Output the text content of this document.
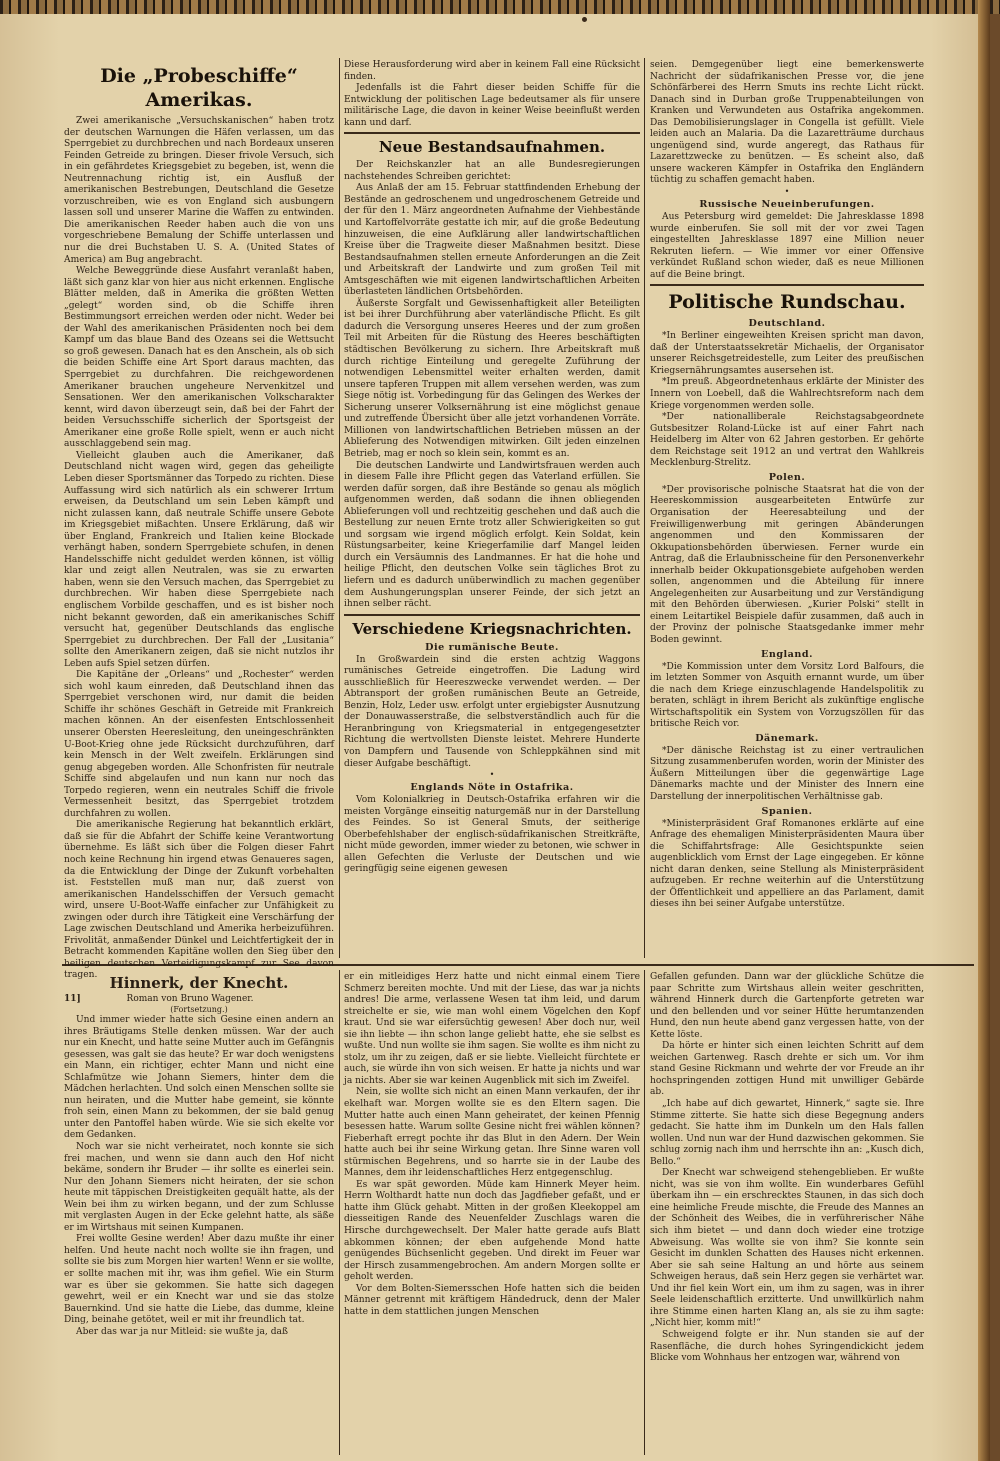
Die „Probeschiffe“ Amerikas.

Zwei amerikanische „Versuchskanischen“ haben trotz der deutschen Warnungen die Häfen verlassen, um das Sperrgebiet zu durchbrechen und nach Bordeaux unseren Feinden Getreide zu bringen. Dieser frivole Versuch, sich in ein gefährdetes Kriegsgebiet zu begeben, ist, wenn die Neutrennachung richtig ist, ein Ausfluß der amerikanischen Bestrebungen, Deutschland die Gesetze vorzuschreiben, wie es von England sich ausbungern lassen soll und unserer Marine die Waffen zu entwinden. Die amerikanischen Reeder haben auch die von uns vorgeschriebene Bemalung der Schiffe unterlassen und nur die drei Buchstaben U. S. A. (United States of America) am Bug angebracht.

Welche Beweggründe diese Ausfahrt veranlaßt haben, läßt sich ganz klar von hier aus nicht erkennen. Englische Blätter melden, daß in Amerika die größten Wetten „gelegt“ worden sind, ob die Schiffe ihren Bestimmungsort erreichen werden oder nicht. Weder bei der Wahl des amerikanischen Präsidenten noch bei dem Kampf um das blaue Band des Ozeans sei die Wettsucht so groß gewesen. Danach hat es den Anschein, als ob sich die beiden Schiffe eine Art Sport daraus machten, das Sperrgebiet zu durchfahren. Die reichgewordenen Amerikaner brauchen ungeheure Nervenkitzel und Sensationen. Wer den amerikanischen Volkscharakter kennt, wird davon überzeugt sein, daß bei der Fahrt der beiden Versuchsschiffe sicherlich der Sportsgeist der Amerikaner eine große Rolle spielt, wenn er auch nicht ausschlaggebend sein mag.

Vielleicht glauben auch die Amerikaner, daß Deutschland nicht wagen wird, gegen das geheiligte Leben dieser Sportsmänner das Torpedo zu richten. Diese Auffassung wird sich natürlich als ein schwerer Irrtum erweisen, da Deutschland um sein Leben kämpft und nicht zulassen kann, daß neutrale Schiffe unsere Gebote im Kriegsgebiet mißachten. Unsere Erklärung, daß wir über England, Frankreich und Italien keine Blockade verhängt haben, sondern Sperrgebiete schufen, in denen Handelsschiffe nicht geduldet werden können, ist völlig klar und zeigt allen Neutralen, was sie zu erwarten haben, wenn sie den Versuch machen, das Sperrgebiet zu durchbrechen. Wir haben diese Sperrgebiete nach englischem Vorbilde geschaffen, und es ist bisher noch nicht bekannt geworden, daß ein amerikanisches Schiff versucht hat, gegenüber Deutschlands das englische Sperrgebiet zu durchbrechen. Der Fall der „Lusitania“ sollte den Amerikanern zeigen, daß sie nicht nutzlos ihr Leben aufs Spiel setzen dürfen.

Die Kapitäne der „Orleans“ und „Rochester“ werden sich wohl kaum einreden, daß Deutschland ihnen das Sperrgebiet verschonen wird, nur damit die beiden Schiffe ihr schönes Geschäft in Getreide mit Frankreich machen können. An der eisenfesten Entschlossenheit unserer Obersten Heeresleitung, den uneingeschränkten U-Boot-Krieg ohne jede Rücksicht durchzuführen, darf kein Mensch in der Welt zweifeln. Erklärungen sind genug abgegeben worden. Alle Schonfristen für neutrale Schiffe sind abgelaufen und nun kann nur noch das Torpedo regieren, wenn ein neutrales Schiff die frivole Vermessenheit besitzt, das Sperrgebiet trotzdem durchfahren zu wollen.

Die amerikanische Regierung hat bekanntlich erklärt, daß sie für die Abfahrt der Schiffe keine Verantwortung übernehme. Es läßt sich über die Folgen dieser Fahrt noch keine Rechnung hin irgend etwas Genaueres sagen, da die Entwicklung der Dinge der Zukunft vorbehalten ist. Feststellen muß man nur, daß zuerst von amerikanischen Handelsschiffen der Versuch gemacht wird, unsere U-Boot-Waffe einfacher zur Unfähigkeit zu zwingen oder durch ihre Tätigkeit eine Verschärfung der Lage zwischen Deutschland und Amerika herbeizuführen. Frivolität, anmaßender Dünkel und Leichtfertigkeit der in Betracht kommenden Kapitäne wollen den Sieg über den heiligen deutschen Verteidigungskampf zur See davon tragen.

Diese Herausforderung wird aber in keinem Fall eine Rücksicht finden.

Jedenfalls ist die Fahrt dieser beiden Schiffe für die Entwicklung der politischen Lage bedeutsamer als für unsere militärische Lage, die davon in keiner Weise beeinflußt werden kann und darf.

Neue Bestandsaufnahmen.

Der Reichskanzler hat an alle Bundesregierungen nachstehendes Schreiben gerichtet:

Aus Anlaß der am 15. Februar stattfindenden Erhebung der Bestände an gedroschenem und ungedroschenem Getreide und der für den 1. März angeordneten Aufnahme der Viehbestände und Kartoffelvorräte gestatte ich mir, auf die große Bedeutung hinzuweisen, die eine Aufklärung aller landwirtschaftlichen Kreise über die Tragweite dieser Maßnahmen besitzt. Diese Bestandsaufnahmen stellen erneute Anforderungen an die Zeit und Arbeitskraft der Landwirte und zum großen Teil mit Amtsgeschäften wie mit eigenen landwirtschaftlichen Arbeiten überlasteten ländlichen Ortsbehörden.

Äußerste Sorgfalt und Gewissenhaftigkeit aller Beteiligten ist bei ihrer Durchführung aber vaterländische Pflicht. Es gilt dadurch die Versorgung unseres Heeres und der zum großen Teil mit Arbeiten für die Rüstung des Heeres beschäftigten städtischen Bevölkerung zu sichern. Ihre Arbeitskraft muß durch richtige Einteilung und geregelte Zuführung der notwendigen Lebensmittel weiter erhalten werden, damit unsere tapferen Truppen mit allem versehen werden, was zum Siege nötig ist. Vorbedingung für das Gelingen des Werkes der Sicherung unserer Volksernährung ist eine möglichst genaue und zutreffende Übersicht über alle jetzt vorhandenen Vorräte. Millionen von landwirtschaftlichen Betrieben müssen an der Ablieferung des Notwendigen mitwirken. Gilt jeden einzelnen Betrieb, mag er noch so klein sein, kommt es an.

Die deutschen Landwirte und Landwirtsfrauen werden auch in diesem Falle ihre Pflicht gegen das Vaterland erfüllen. Sie werden dafür sorgen, daß ihre Bestände so genau als möglich aufgenommen werden, daß sodann die ihnen obliegenden Ablieferungen voll und rechtzeitig geschehen und daß auch die Bestellung zur neuen Ernte trotz aller Schwierigkeiten so gut und sorgsam wie irgend möglich erfolgt. Kein Soldat, kein Rüstungsarbeiter, keine Kriegerfamilie darf Mangel leiden durch ein Versäumnis des Landmannes. Er hat die hohe und heilige Pflicht, den deutschen Volke sein tägliches Brot zu liefern und es dadurch unüberwindlich zu machen gegenüber dem Aushungerungsplan unserer Feinde, der sich jetzt an ihnen selber rächt.

Verschiedene Kriegsnachrichten.
Die rumänische Beute.

In Großwardein sind die ersten achtzig Waggons rumänisches Getreide eingetroffen. Die Ladung wird ausschließlich für Heereszwecke verwendet werden. — Der Abtransport der großen rumänischen Beute an Getreide, Benzin, Holz, Leder usw. erfolgt unter ergiebigster Ausnutzung der Donauwasserstraße, die selbstverständlich auch für die Heranbringung von Kriegsmaterial in entgegengesetzter Richtung die wertvollsten Dienste leistet. Mehrere Hunderte von Dampfern und Tausende von Schleppkähnen sind mit dieser Aufgabe beschäftigt.

•
Englands Nöte in Ostafrika.

Vom Kolonialkrieg in Deutsch-Ostafrika erfahren wir die meisten Vorgänge einseitig naturgemäß nur in der Darstellung des Feindes. So ist General Smuts, der seitherige Oberbefehlshaber der englisch-südafrikanischen Streitkräfte, nicht müde geworden, immer wieder zu betonen, wie schwer in allen Gefechten die Verluste der Deutschen und wie geringfügig seine eigenen gewesen

seien. Demgegenüber liegt eine bemerkenswerte Nachricht der südafrikanischen Presse vor, die jene Schönfärberei des Herrn Smuts ins rechte Licht rückt. Danach sind in Durban große Truppenabteilungen von Kranken und Verwundeten aus Ostafrika angekommen. Das Demobilisierungslager in Congella ist gefüllt. Viele leiden auch an Malaria. Da die Lazaretträume durchaus ungenügend sind, wurde angeregt, das Rathaus für Lazarettzwecke zu benützen. — Es scheint also, daß unsere wackeren Kämpfer in Ostafrika den Engländern tüchtig zu schaffen gemacht haben.

•
Russische Neueinberufungen.

Aus Petersburg wird gemeldet: Die Jahresklasse 1898 wurde einberufen. Sie soll mit der vor zwei Tagen eingestellten Jahresklasse 1897 eine Million neuer Rekruten liefern. — Wie immer vor einer Offensive verkündet Rußland schon wieder, daß es neue Millionen auf die Beine bringt.

Politische Rundschau.
Deutschland.

*In Berliner eingeweihten Kreisen spricht man davon, daß der Unterstaatssekretär Michaelis, der Organisator unserer Reichsgetreidestelle, zum Leiter des preußischen Kriegsernährungsamtes ausersehen ist.

*Im preuß. Abgeordnetenhaus erklärte der Minister des Innern von Loebell, daß die Wahlrechtsreform nach dem Kriege vorgenommen werden solle.

*Der nationalliberale Reichstagsabgeordnete Gutsbesitzer Roland-Lücke ist auf einer Fahrt nach Heidelberg im Alter von 62 Jahren gestorben. Er gehörte dem Reichstage seit 1912 an und vertrat den Wahlkreis Mecklenburg-Strelitz.

Polen.

*Der provisorische polnische Staatsrat hat die von der Heereskommission ausgearbeiteten Entwürfe zur Organisation der Heeresabteilung und der Freiwilligenwerbung mit geringen Abänderungen angenommen und den Kommissaren der Okkupationsbehörden überwiesen. Ferner wurde ein Antrag, daß die Erlaubnisscheine für den Personenverkehr innerhalb beider Okkupationsgebiete aufgehoben werden sollen, angenommen und die Abteilung für innere Angelegenheiten zur Ausarbeitung und zur Verständigung mit den Behörden überwiesen. „Kurier Polski“ stellt in einem Leitartikel Beispiele dafür zusammen, daß auch in der Provinz der polnische Staatsgedanke immer mehr Boden gewinnt.

England.

*Die Kommission unter dem Vorsitz Lord Balfours, die im letzten Sommer von Asquith ernannt wurde, um über die nach dem Kriege einzuschlagende Handelspolitik zu beraten, schlägt in ihrem Bericht als zukünftige englische Wirtschaftspolitik ein System von Vorzugszöllen für das britische Reich vor.

Dänemark.

*Der dänische Reichstag ist zu einer vertraulichen Sitzung zusammenberufen worden, worin der Minister des Äußern Mitteilungen über die gegenwärtige Lage Dänemarks machte und der Minister des Innern eine Darstellung der innerpolitischen Verhältnisse gab.

Spanien.

*Ministerpräsident Graf Romanones erklärte auf eine Anfrage des ehemaligen Ministerpräsidenten Maura über die Schiffahrtsfrage: Alle Gesichtspunkte seien augenblicklich vom Ernst der Lage eingegeben. Er könne nicht daran denken, seine Stellung als Ministerpräsident aufzugeben. Er rechne weiterhin auf die Unterstützung der Öffentlichkeit und appelliere an das Parlament, damit dieses ihn bei seiner Aufgabe unterstütze.

Hinnerk, der Knecht.
11]	Roman von Bruno Wagener.
(Fortsetzung.)

Und immer wieder hatte sich Gesine einen andern an ihres Bräutigams Stelle denken müssen. War der auch nur ein Knecht, und hatte seine Mutter auch im Gefängnis gesessen, was galt sie das heute? Er war doch wenigstens ein Mann, ein richtiger, echter Mann und nicht eine Schlafmütze wie Johann Siemers, hinter dem die Mädchen herlachten. Und solch einen Menschen sollte sie nun heiraten, und die Mutter habe gemeint, sie könnte froh sein, einen Mann zu bekommen, der sie bald genug unter den Pantoffel haben würde. Wie sie sich ekelte vor dem Gedanken.

Noch war sie nicht verheiratet, noch konnte sie sich frei machen, und wenn sie dann auch den Hof nicht bekäme, sondern ihr Bruder — ihr sollte es einerlei sein. Nur den Johann Siemers nicht heiraten, der sie schon heute mit täppischen Dreistigkeiten gequält hatte, als der Wein bei ihm zu wirken begann, und der zum Schlusse mit verglasten Augen in der Ecke gelehnt hatte, als säße er im Wirtshaus mit seinen Kumpanen.

Frei wollte Gesine werden! Aber dazu mußte ihr einer helfen. Und heute nacht noch wollte sie ihn fragen, und sollte sie bis zum Morgen hier warten! Wenn er sie wollte, er sollte machen mit ihr, was ihm gefiel. Wie ein Sturm war es über sie gekommen. Sie hatte sich dagegen gewehrt, weil er ein Knecht war und sie das stolze Bauernkind. Und sie hatte die Liebe, das dumme, kleine Ding, beinahe getötet, weil er mit ihr freundlich tat.

Aber das war ja nur Mitleid: sie wußte ja, daß

er ein mitleidiges Herz hatte und nicht einmal einem Tiere Schmerz bereiten mochte. Und mit der Liese, das war ja nichts andres! Die arme, verlassene Wesen tat ihm leid, und darum streichelte er sie, wie man wohl einem Vögelchen den Kopf kraut. Und sie war eifersüchtig gewesen! Aber doch nur, weil sie ihn liebte — ihn schon lange geliebt hatte, ehe sie selbst es wußte. Und nun wollte sie ihm sagen. Sie wollte es ihm nicht zu stolz, um ihr zu zeigen, daß er sie liebte. Vielleicht fürchtete er auch, sie würde ihn von sich weisen. Er hatte ja nichts und war ja nichts. Aber sie war keinen Augenblick mit sich im Zweifel.

Nein, sie wollte sich nicht an einen Mann verkaufen, der ihr ekelhaft war. Morgen wollte sie es den Eltern sagen. Die Mutter hatte auch einen Mann geheiratet, der keinen Pfennig besessen hatte. Warum sollte Gesine nicht frei wählen können? Fieberhaft erregt pochte ihr das Blut in den Adern. Der Wein hatte auch bei ihr seine Wirkung getan. Ihre Sinne waren voll stürmischen Begehrens, und so harrte sie in der Laube des Mannes, dem ihr leidenschaftliches Herz entgegenschlug.

Es war spät geworden. Müde kam Hinnerk Meyer heim. Herrn Wolthardt hatte nun doch das Jagdfieber gefaßt, und er hatte ihm Glück gehabt. Mitten in der großen Kleekoppel am diesseitigen Rande des Neuenfelder Zuschlags waren die Hirsche durchgewechselt. Der Maler hatte gerade aufs Blatt abkommen können; der eben aufgehende Mond hatte genügendes Büchsenlicht gegeben. Und direkt im Feuer war der Hirsch zusammengebrochen. Am andern Morgen sollte er geholt werden.

Vor dem Bolten-Siemersschen Hofe hatten sich die beiden Männer getrennt mit kräftigem Händedruck, denn der Maler hatte in dem stattlichen jungen Menschen

Gefallen gefunden. Dann war der glückliche Schütze die paar Schritte zum Wirtshaus allein weiter geschritten, während Hinnerk durch die Gartenpforte getreten war und den bellenden und vor seiner Hütte herumtanzenden Hund, den nun heute abend ganz vergessen hatte, von der Kette löste.

Da hörte er hinter sich einen leichten Schritt auf dem weichen Gartenweg. Rasch drehte er sich um. Vor ihm stand Gesine Rickmann und wehrte der vor Freude an ihr hochspringenden zottigen Hund mit unwilliger Gebärde ab.

„Ich habe auf dich gewartet, Hinnerk,“ sagte sie. Ihre Stimme zitterte. Sie hatte sich diese Begegnung anders gedacht. Sie hatte ihm im Dunkeln um den Hals fallen wollen. Und nun war der Hund dazwischen gekommen. Sie schlug zornig nach ihm und herrschte ihn an: „Kusch dich, Bello.“

Der Knecht war schweigend stehengeblieben. Er wußte nicht, was sie von ihm wollte. Ein wunderbares Gefühl überkam ihn — ein erschrecktes Staunen, in das sich doch eine heimliche Freude mischte, die Freude des Mannes an der Schönheit des Weibes, die in verführerischer Nähe sich ihm bietet — und dann doch wieder eine trotzige Abweisung. Was wollte sie von ihm? Sie konnte sein Gesicht im dunklen Schatten des Hauses nicht erkennen. Aber sie sah seine Haltung an und hörte aus seinem Schweigen heraus, daß sein Herz gegen sie verhärtet war. Und ihr fiel kein Wort ein, um ihm zu sagen, was in ihrer Seele leidenschaftlich erzitterte. Und unwillkürlich nahm ihre Stimme einen harten Klang an, als sie zu ihm sagte: „Nicht hier, komm mit!“

Schweigend folgte er ihr. Nun standen sie auf der Rasenfläche, die durch hohes Syringendickicht jedem Blicke vom Wohnhaus her entzogen war, während von
